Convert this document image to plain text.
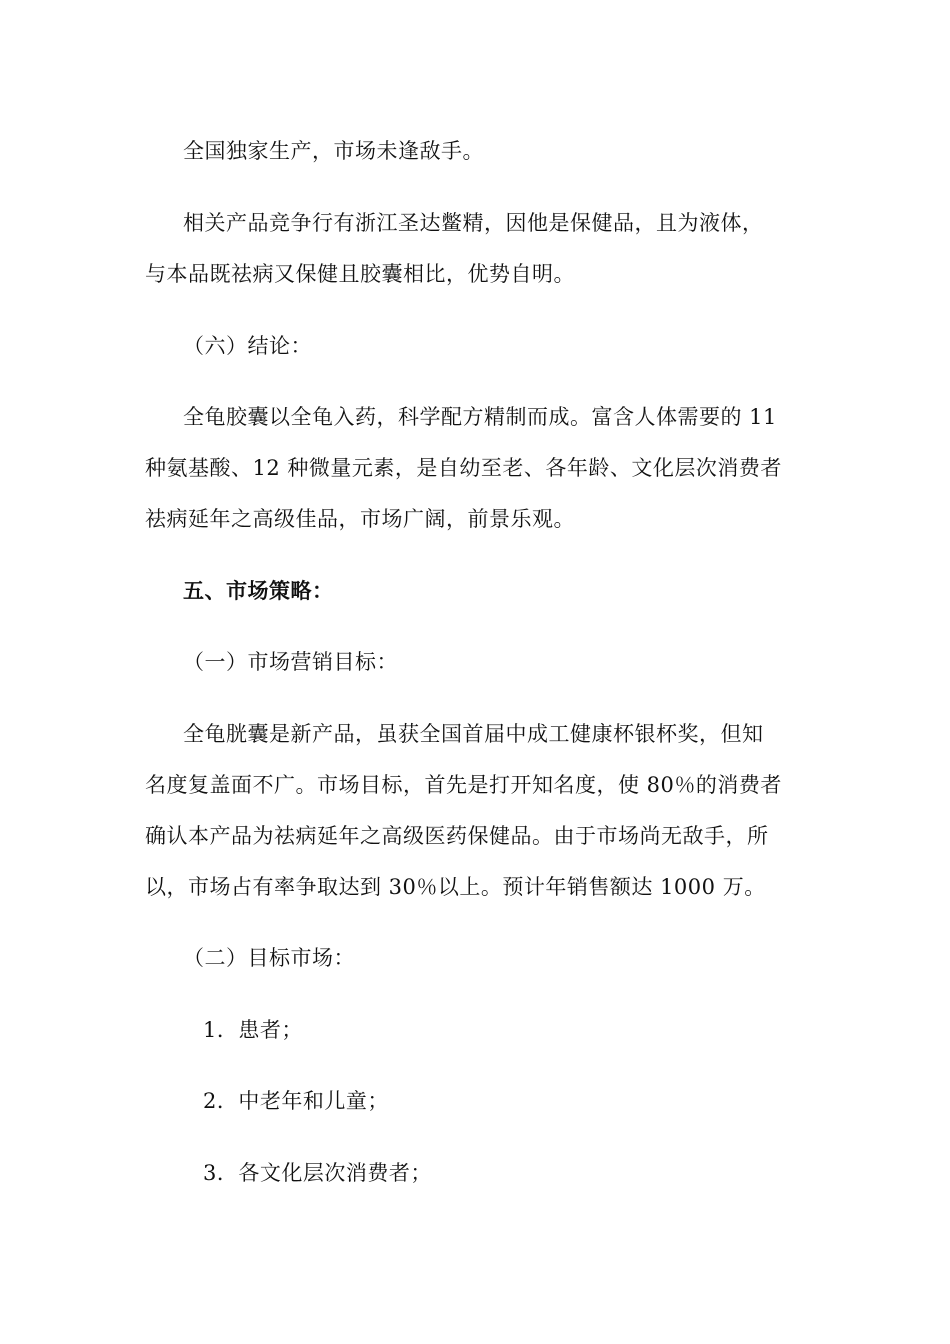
全国独家生产，市场未逢敌手。
相关产品竞争行有浙江圣达鳖精，因他是保健品，且为液体，
与本品既祛病又保健且胶囊相比，优势自明。
（六）结论：
全龟胶囊以全龟入药，科学配方精制而成。富含人体需要的 11
种氨基酸、12 种微量元素，是自幼至老、各年龄、文化层次消费者
祛病延年之高级佳品，市场广阔，前景乐观。
五、市场策略：
（一）市场营销目标：
全龟胱囊是新产品，虽获全国首届中成工健康杯银杯奖，但知
名度复盖面不广。市场目标，首先是打开知名度，使 80％的消费者
确认本产品为祛病延年之高级医药保健品。由于市场尚无敌手，所
以，市场占有率争取达到 30％以上。预计年销售额达 1000 万。
（二）目标市场：
1．患者；
2．中老年和儿童；
3．各文化层次消费者；
